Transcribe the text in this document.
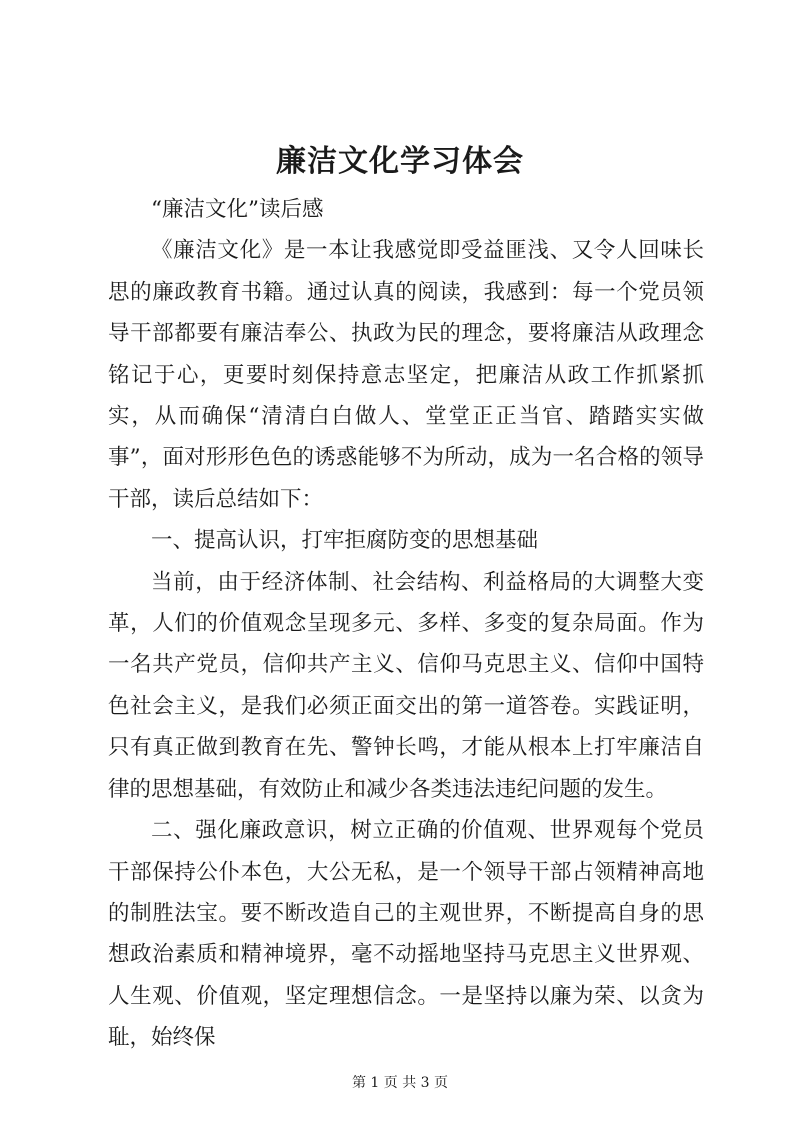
廉洁文化学习体会

“廉洁文化”读后感

《廉洁文化》是一本让我感觉即受益匪浅、又令人回味长思的廉政教育书籍。通过认真的阅读，我感到：每一个党员领导干部都要有廉洁奉公、执政为民的理念，要将廉洁从政理念铭记于心，更要时刻保持意志坚定，把廉洁从政工作抓紧抓实，从而确保“清清白白做人、堂堂正正当官、踏踏实实做事”，面对形形色色的诱惑能够不为所动，成为一名合格的领导干部，读后总结如下：

一、提高认识，打牢拒腐防变的思想基础

当前，由于经济体制、社会结构、利益格局的大调整大变革，人们的价值观念呈现多元、多样、多变的复杂局面。作为一名共产党员，信仰共产主义、信仰马克思主义、信仰中国特色社会主义，是我们必须正面交出的第一道答卷。实践证明，只有真正做到教育在先、警钟长鸣，才能从根本上打牢廉洁自律的思想基础，有效防止和减少各类违法违纪问题的发生。

二、强化廉政意识，树立正确的价值观、世界观每个党员干部保持公仆本色，大公无私，是一个领导干部占领精神高地的制胜法宝。要不断改造自己的主观世界，不断提高自身的思想政治素质和精神境界，毫不动摇地坚持马克思主义世界观、人生观、价值观，坚定理想信念。一是坚持以廉为荣、以贪为耻，始终保

第 1 页 共 3 页
